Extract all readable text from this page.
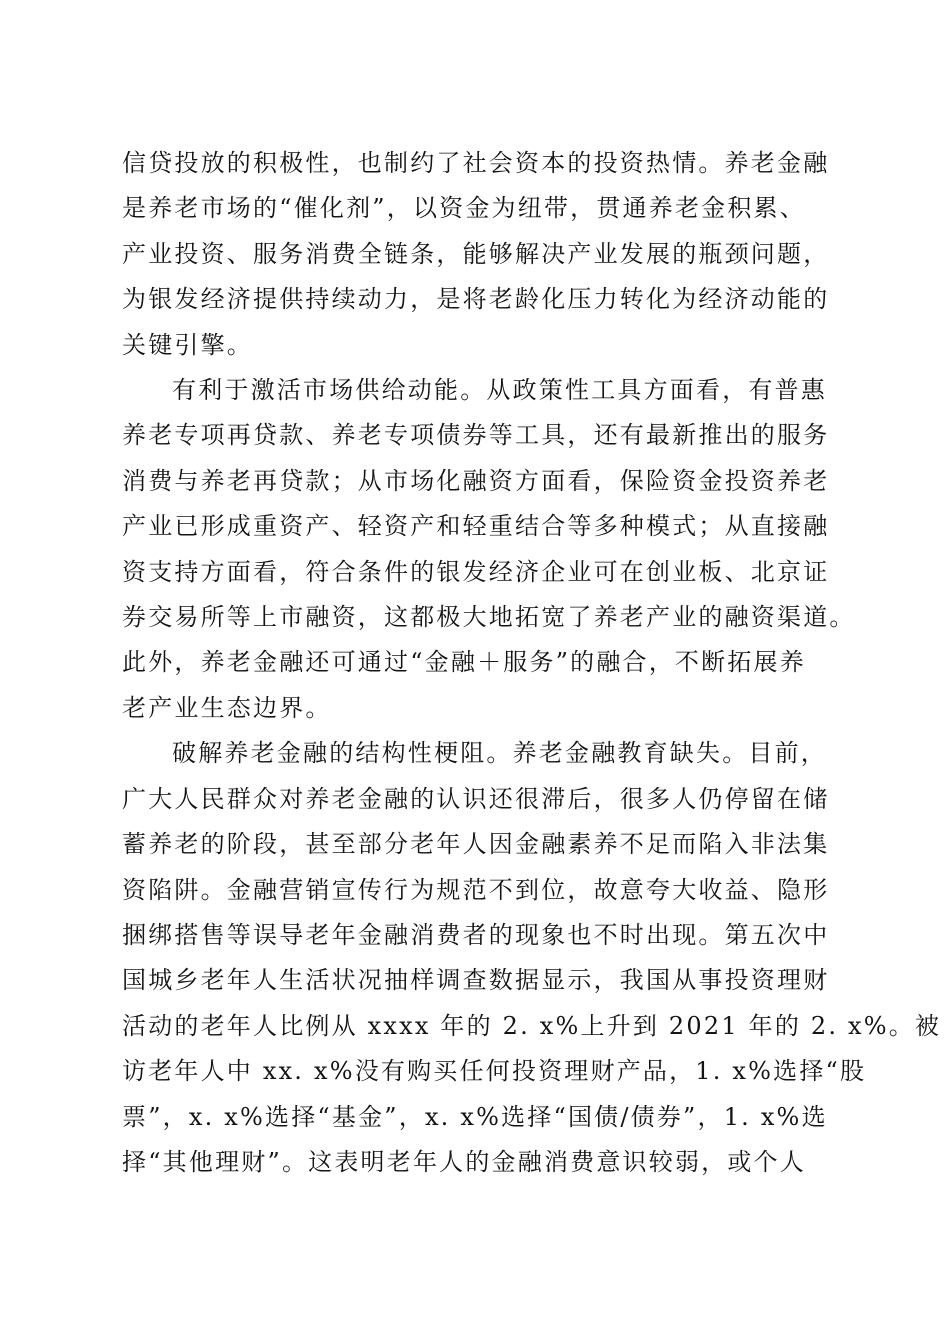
信贷投放的积极性，也制约了社会资本的投资热情。养老金融
是养老市场的“催化剂”，以资金为纽带，贯通养老金积累、
产业投资、服务消费全链条，能够解决产业发展的瓶颈问题，
为银发经济提供持续动力，是将老龄化压力转化为经济动能的
关键引擎。
有利于激活市场供给动能。从政策性工具方面看，有普惠
养老专项再贷款、养老专项债券等工具，还有最新推出的服务
消费与养老再贷款；从市场化融资方面看，保险资金投资养老
产业已形成重资产、轻资产和轻重结合等多种模式；从直接融
资支持方面看，符合条件的银发经济企业可在创业板、北京证
券交易所等上市融资，这都极大地拓宽了养老产业的融资渠道。
此外，养老金融还可通过“金融＋服务”的融合，不断拓展养
老产业生态边界。
破解养老金融的结构性梗阻。养老金融教育缺失。目前，
广大人民群众对养老金融的认识还很滞后，很多人仍停留在储
蓄养老的阶段，甚至部分老年人因金融素养不足而陷入非法集
资陷阱。金融营销宣传行为规范不到位，故意夸大收益、隐形
捆绑搭售等误导老年金融消费者的现象也不时出现。第五次中
国城乡老年人生活状况抽样调查数据显示，我国从事投资理财
活动的老年人比例从 xxxx 年的 2. x%上升到 2021 年的 2. x%。被
访老年人中 xx. x%没有购买任何投资理财产品，1. x%选择“股
票”，x. x%选择“基金”，x. x%选择“国债/债券”，1. x%选
择“其他理财”。这表明老年人的金融消费意识较弱，或个人
